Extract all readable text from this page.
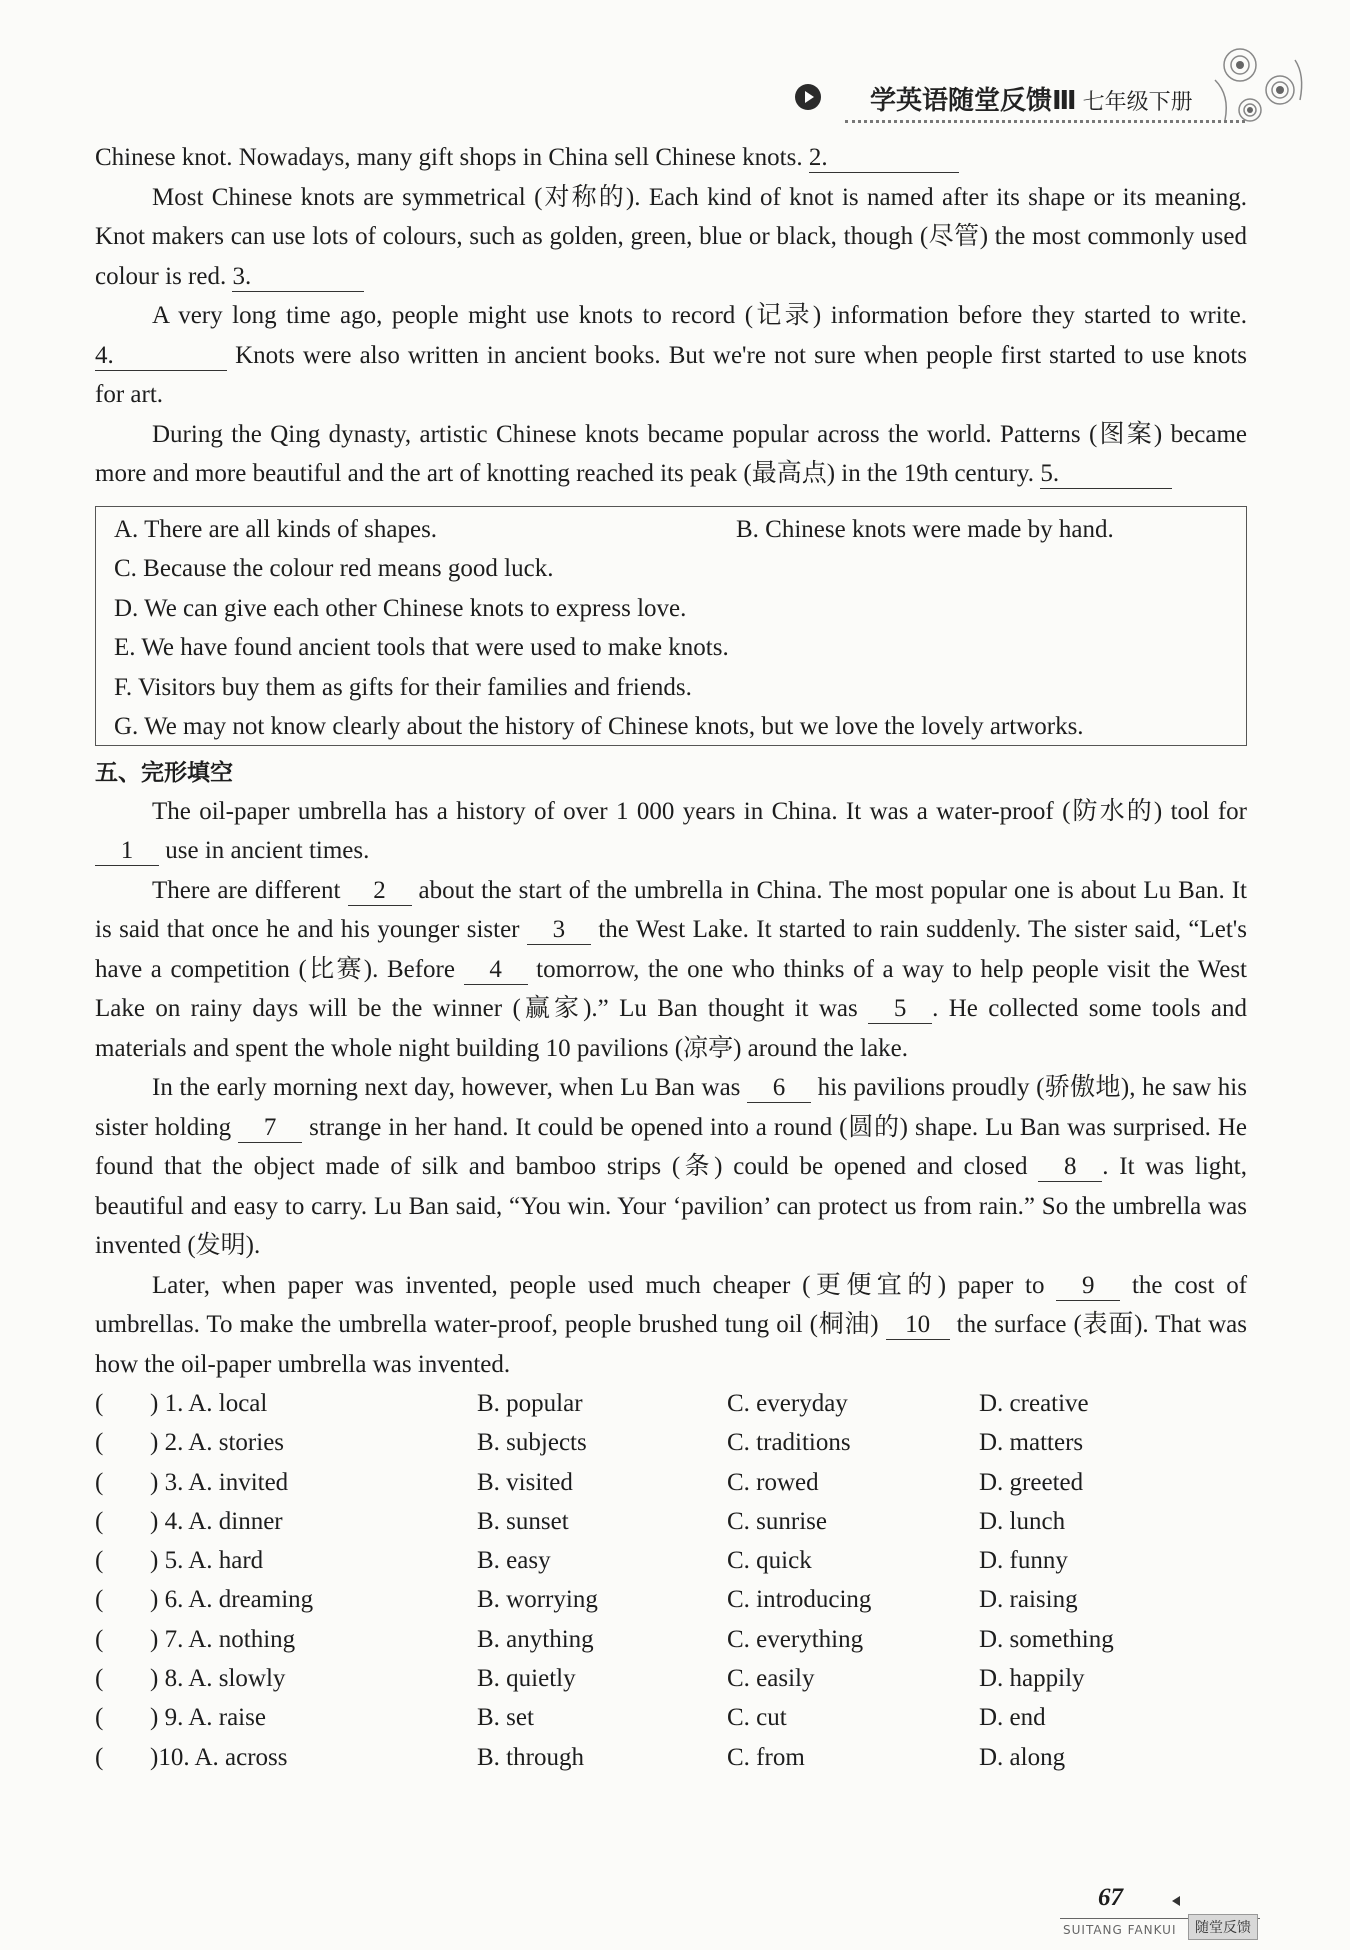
学英语随堂反馈Ⅲ 七年级下册

Chinese knot. Nowadays, many gift shops in China sell Chinese knots. 2.

Most Chinese knots are symmetrical (对称的). Each kind of knot is named after its shape or its meaning. Knot makers can use lots of colours, such as golden, green, blue or black, though (尽管) the most commonly used colour is red. 3.

A very long time ago, people might use knots to record (记录) information before they started to write. 4.	Knots were also written in ancient books. But we're not sure when people first started to use knots for art.

During the Qing dynasty, artistic Chinese knots became popular across the world. Patterns (图案) became more and more beautiful and the art of knotting reached its peak (最高点) in the 19th century. 5.

A. There are all kinds of shapes.	B. Chinese knots were made by hand.
C. Because the colour red means good luck.
D. We can give each other Chinese knots to express love.
E. We have found ancient tools that were used to make knots.
F. Visitors buy them as gifts for their families and friends.
G. We may not know clearly about the history of Chinese knots, but we love the lovely artworks.
五、完形填空

The oil-paper umbrella has a history of over 1 000 years in China. It was a water-proof (防水的) tool for 1 use in ancient times.

There are different 2 about the start of the umbrella in China. The most popular one is about Lu Ban. It is said that once he and his younger sister 3 the West Lake. It started to rain suddenly. The sister said, “Let's have a competition (比赛). Before 4 tomorrow, the one who thinks of a way to help people visit the West Lake on rainy days will be the winner (赢家).” Lu Ban thought it was 5 . He collected some tools and materials and spent the whole night building 10 pavilions (凉亭) around the lake.

In the early morning next day, however, when Lu Ban was 6 his pavilions proudly (骄傲地), he saw his sister holding 7 strange in her hand. It could be opened into a round (圆的) shape. Lu Ban was surprised. He found that the object made of silk and bamboo strips (条) could be opened and closed 8 . It was light, beautiful and easy to carry. Lu Ban said, “You win. Your ‘pavilion’ can protect us from rain.” So the umbrella was invented (发明).

Later, when paper was invented, people used much cheaper (更便宜的) paper to 9 the cost of umbrellas. To make the umbrella water-proof, people brushed tung oil (桐油) 10 the surface (表面). That was how the oil-paper umbrella was invented.

( ) 1. A. local	B. popular	C. everyday	D. creative
( ) 2. A. stories	B. subjects	C. traditions	D. matters
( ) 3. A. invited	B. visited	C. rowed	D. greeted
( ) 4. A. dinner	B. sunset	C. sunrise	D. lunch
( ) 5. A. hard	B. easy	C. quick	D. funny
( ) 6. A. dreaming	B. worrying	C. introducing	D. raising
( ) 7. A. nothing	B. anything	C. everything	D. something
( ) 8. A. slowly	B. quietly	C. easily	D. happily
( ) 9. A. raise	B. set	C. cut	D. end
( )10. A. across	B. through	C. from	D. along
67
SUITANG FANKUI	随堂反馈
